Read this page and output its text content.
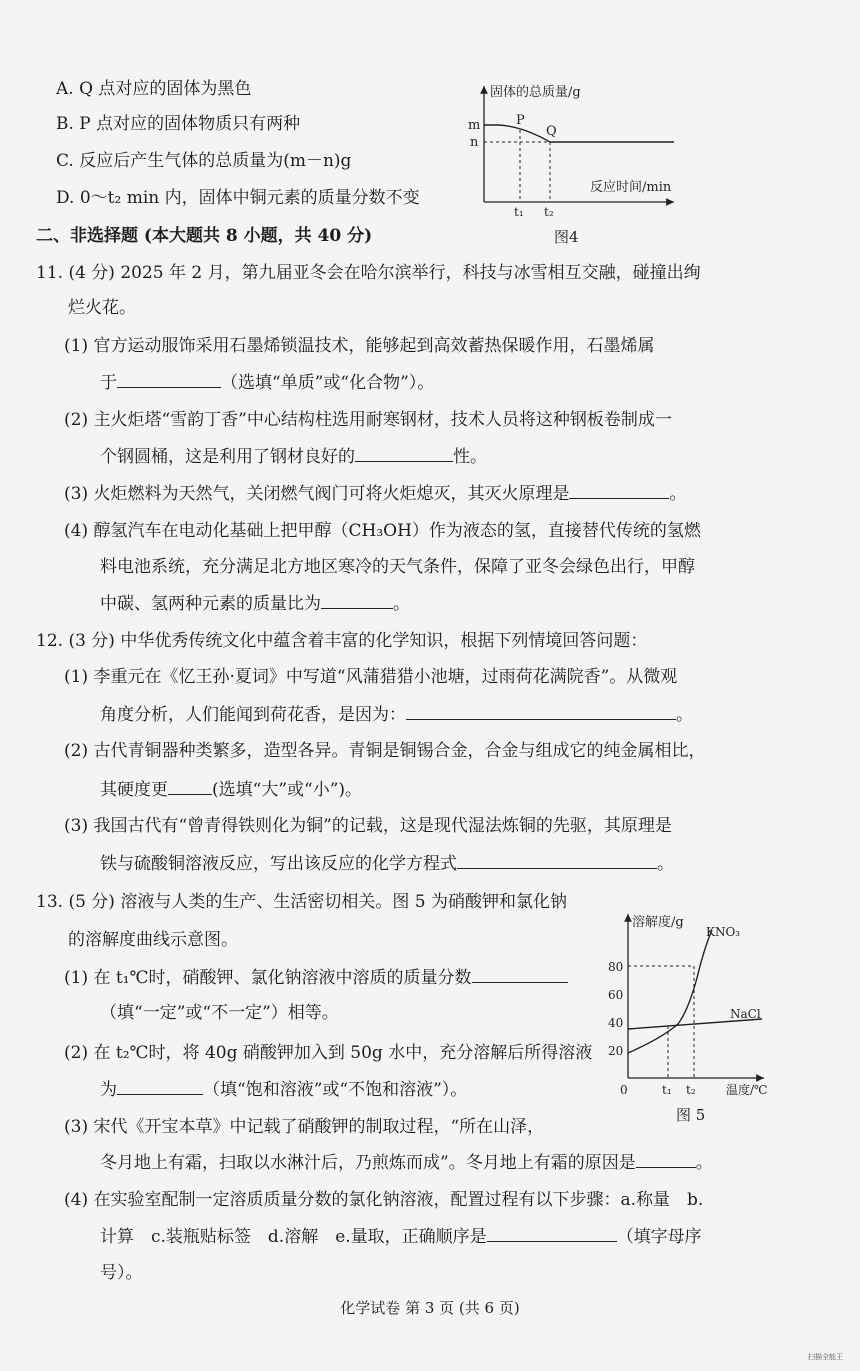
A. Q 点对应的固体为黑色
B. P 点对应的固体物质只有两种
C. 反应后产生气体的总质量为(m－n)g
D. 0～t₂ min 内，固体中铜元素的质量分数不变
固体的总质量/g
反应时间/min
m
n
P
Q
t₁ t₂
图4
二、非选择题 (本大题共 8 小题，共 40 分)
11. (4 分) 2025 年 2 月，第九届亚冬会在哈尔滨举行，科技与冰雪相互交融，碰撞出绚
烂火花。
(1) 官方运动服饰采用石墨烯锁温技术，能够起到高效蓄热保暖作用，石墨烯属
于	（选填“单质”或“化合物”）。
(2) 主火炬塔“雪韵丁香”中心结构柱选用耐寒钢材，技术人员将这种钢板卷制成一
个钢圆桶，这是利用了钢材良好的	性。
(3) 火炬燃料为天然气，关闭燃气阀门可将火炬熄灭，其灭火原理是	。
(4) 醇氢汽车在电动化基础上把甲醇（CH₃OH）作为液态的氢，直接替代传统的氢燃
料电池系统，充分满足北方地区寒冷的天气条件，保障了亚冬会绿色出行，甲醇
中碳、氢两种元素的质量比为	。
12. (3 分) 中华优秀传统文化中蕴含着丰富的化学知识，根据下列情境回答问题：
(1) 李重元在《忆王孙·夏词》中写道“风蒲猎猎小池塘，过雨荷花满院香”。从微观
角度分析，人们能闻到荷花香，是因为：	。
(2) 古代青铜器种类繁多，造型各异。青铜是铜锡合金，合金与组成它的纯金属相比，
其硬度更	(选填“大”或“小”)。
(3) 我国古代有“曾青得铁则化为铜”的记载，这是现代湿法炼铜的先驱，其原理是
铁与硫酸铜溶液反应，写出该反应的化学方程式	。
13. (5 分) 溶液与人类的生产、生活密切相关。图 5 为硝酸钾和氯化钠
的溶解度曲线示意图。
(1) 在 t₁℃时，硝酸钾、氯化钠溶液中溶质的质量分数
（填“一定”或“不一定”）相等。
(2) 在 t₂℃时，将 40g 硝酸钾加入到 50g 水中，充分溶解后所得溶液
为	（填“饱和溶液”或“不饱和溶液”）。
(3) 宋代《开宝本草》中记载了硝酸钾的制取过程，“所在山泽，
冬月地上有霜，扫取以水淋汁后，乃煎炼而成”。冬月地上有霜的原因是	。
(4) 在实验室配制一定溶质质量分数的氯化钠溶液，配置过程有以下步骤：a.称量　b.
计算　c.装瓶贴标签　d.溶解　e.量取，正确顺序是	（填字母序
号）。
溶解度/g
KNO₃
NaCl
80
60
40
20
0	t₁ t₂	温度/℃
图 5
化学试卷 第 3 页 (共 6 页)
扫描全能王
